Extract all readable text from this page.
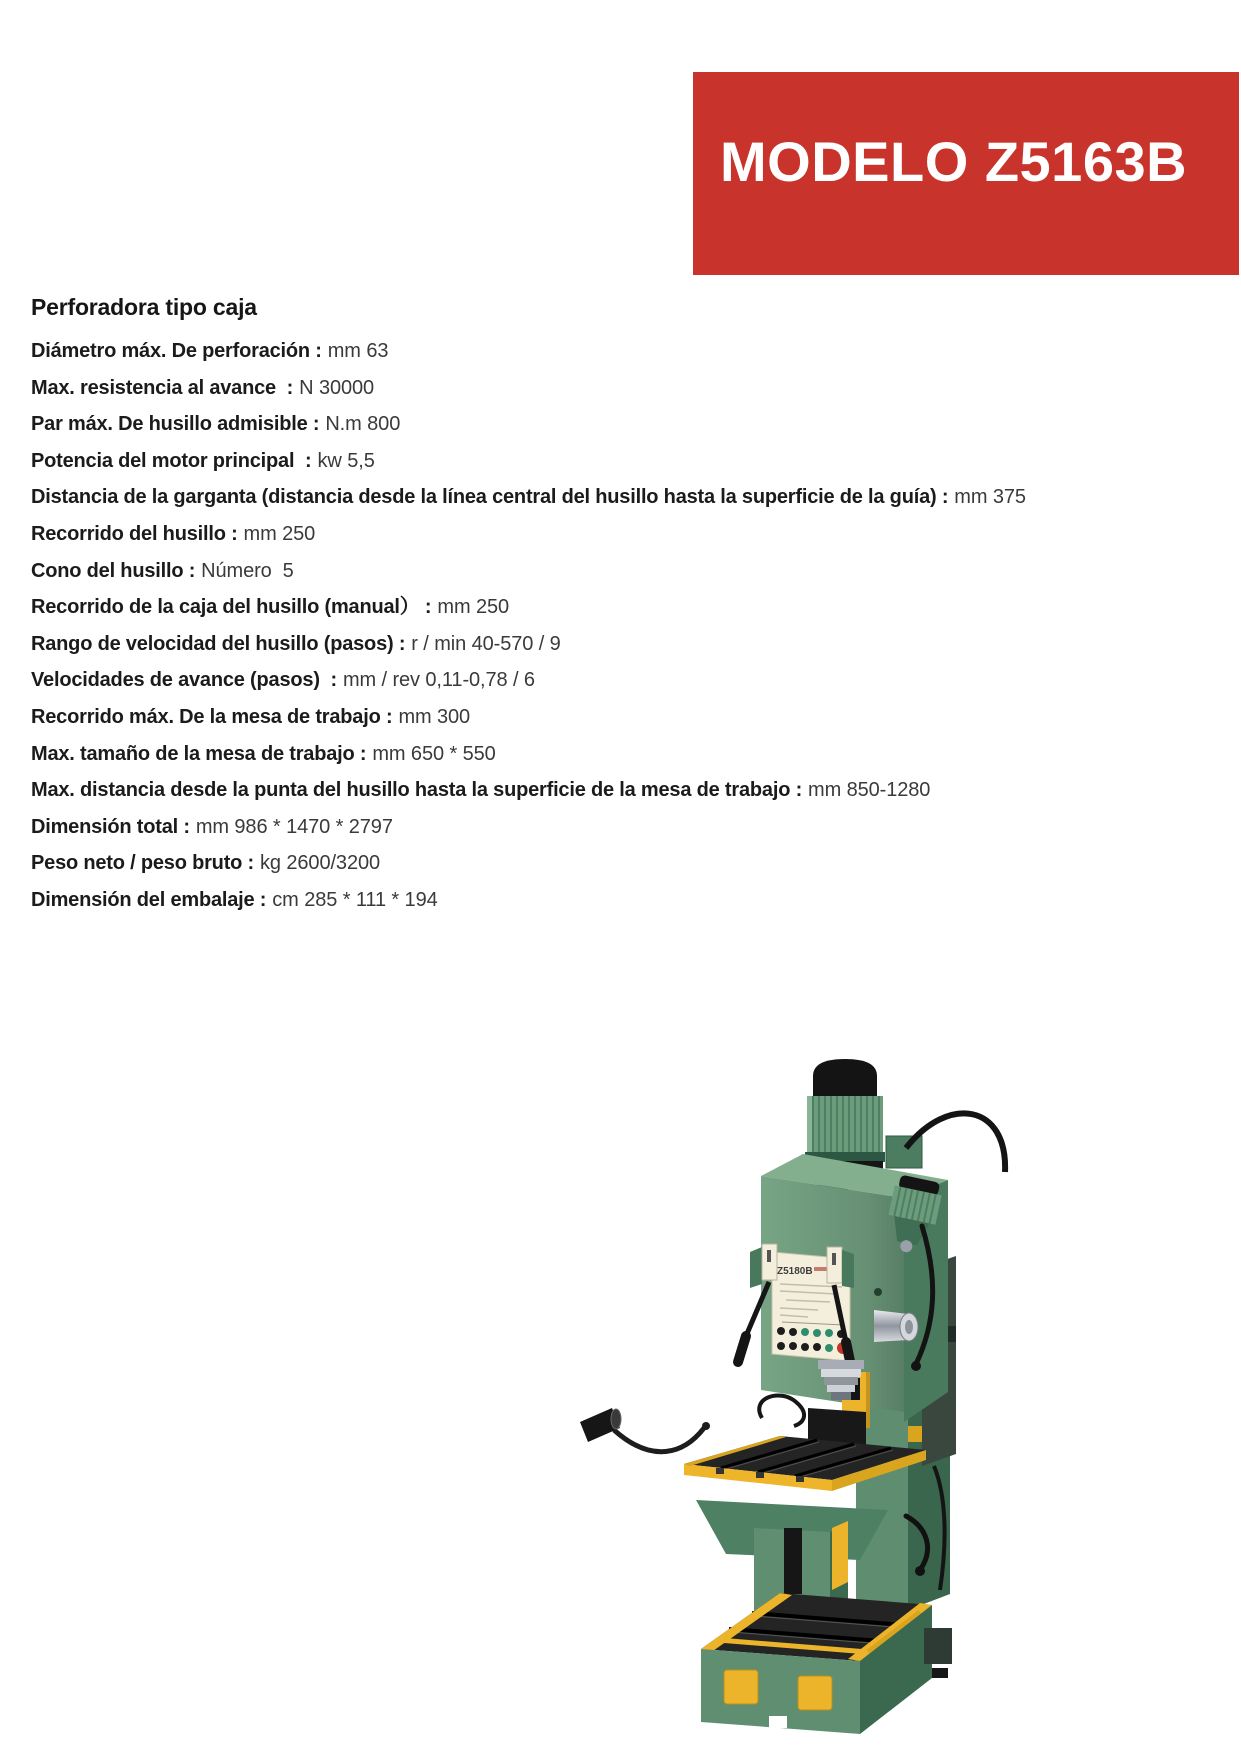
MODELO Z5163B
Perforadora tipo caja

Diámetro máx. De perforación : mm 63

Max. resistencia al avance  : N 30000

Par máx. De husillo admisible : N.m 800

Potencia del motor principal  : kw 5,5

Distancia de la garganta (distancia desde la línea central del husillo hasta la superficie de la guía) : mm 375

Recorrido del husillo : mm 250

Cono del husillo : Número  5

Recorrido de la caja del husillo (manual） : mm 250

Rango de velocidad del husillo (pasos) : r / min 40-570 / 9

Velocidades de avance (pasos)  : mm / rev 0,11-0,78 / 6

Recorrido máx. De la mesa de trabajo : mm 300

Max. tamaño de la mesa de trabajo : mm 650 * 550

Max. distancia desde la punta del husillo hasta la superficie de la mesa de trabajo : mm 850-1280

Dimensión total : mm 986 * 1470 * 2797

Peso neto / peso bruto : kg 2600/3200

Dimensión del embalaje : cm 285 * 111 * 194

Z5180B
